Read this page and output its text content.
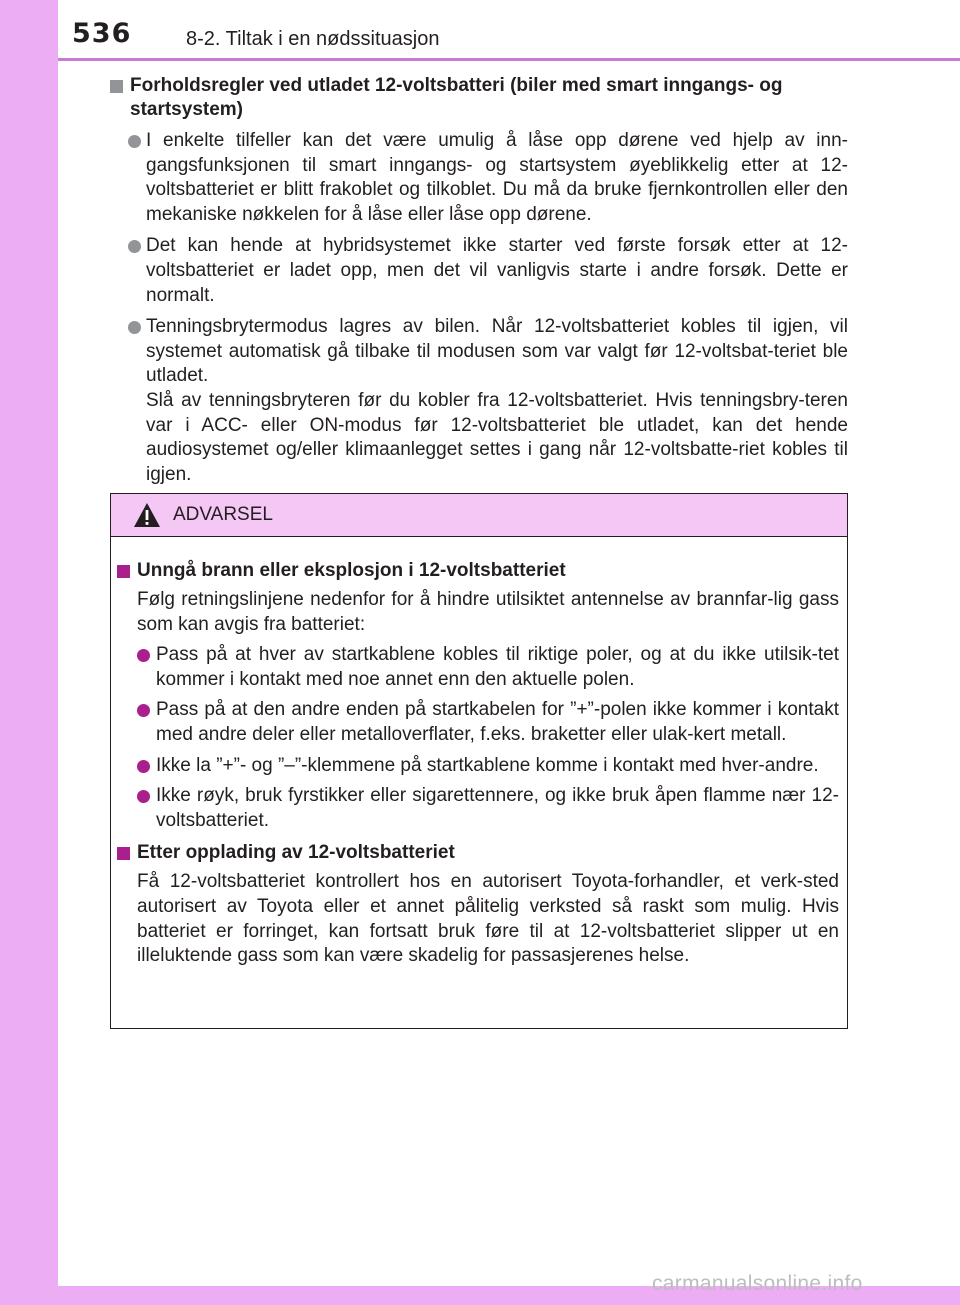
536	8-2. Tiltak i en nødssituasjon
Forholdsregler ved utladet 12-voltsbatteri (biler med smart inngangs- og startsystem)

I enkelte tilfeller kan det være umulig å låse opp dørene ved hjelp av inn-gangsfunksjonen til smart inngangs- og startsystem øyeblikkelig etter at 12-voltsbatteriet er blitt frakoblet og tilkoblet. Du må da bruke fjernkontrollen eller den mekaniske nøkkelen for å låse eller låse opp dørene.

Det kan hende at hybridsystemet ikke starter ved første forsøk etter at 12-voltsbatteriet er ladet opp, men det vil vanligvis starte i andre forsøk. Dette er normalt.

Tenningsbrytermodus lagres av bilen. Når 12-voltsbatteriet kobles til igjen, vil systemet automatisk gå tilbake til modusen som var valgt før 12-voltsbat-teriet ble utladet.

Slå av tenningsbryteren før du kobler fra 12-voltsbatteriet. Hvis tenningsbry-teren var i ACC- eller ON-modus før 12-voltsbatteriet ble utladet, kan det hende audiosystemet og/eller klimaanlegget settes i gang når 12-voltsbatte-riet kobles til igjen.

ADVARSEL
Unngå brann eller eksplosjon i 12-voltsbatteriet
Følg retningslinjene nedenfor for å hindre utilsiktet antennelse av brannfar-lig gass som kan avgis fra batteriet:
Pass på at hver av startkablene kobles til riktige poler, og at du ikke utilsik-tet kommer i kontakt med noe annet enn den aktuelle polen.
Pass på at den andre enden på startkabelen for ”+”-polen ikke kommer i kontakt med andre deler eller metalloverflater, f.eks. braketter eller ulak-kert metall.
Ikke la ”+”- og ”–”-klemmene på startkablene komme i kontakt med hver-andre.
Ikke røyk, bruk fyrstikker eller sigarettennere, og ikke bruk åpen flamme nær 12-voltsbatteriet.
Etter opplading av 12-voltsbatteriet
Få 12-voltsbatteriet kontrollert hos en autorisert Toyota-forhandler, et verk-sted autorisert av Toyota eller et annet pålitelig verksted så raskt som mulig. Hvis batteriet er forringet, kan fortsatt bruk føre til at 12-voltsbatteriet slipper ut en illeluktende gass som kan være skadelig for passasjerenes helse.
carmanualsonline.info
